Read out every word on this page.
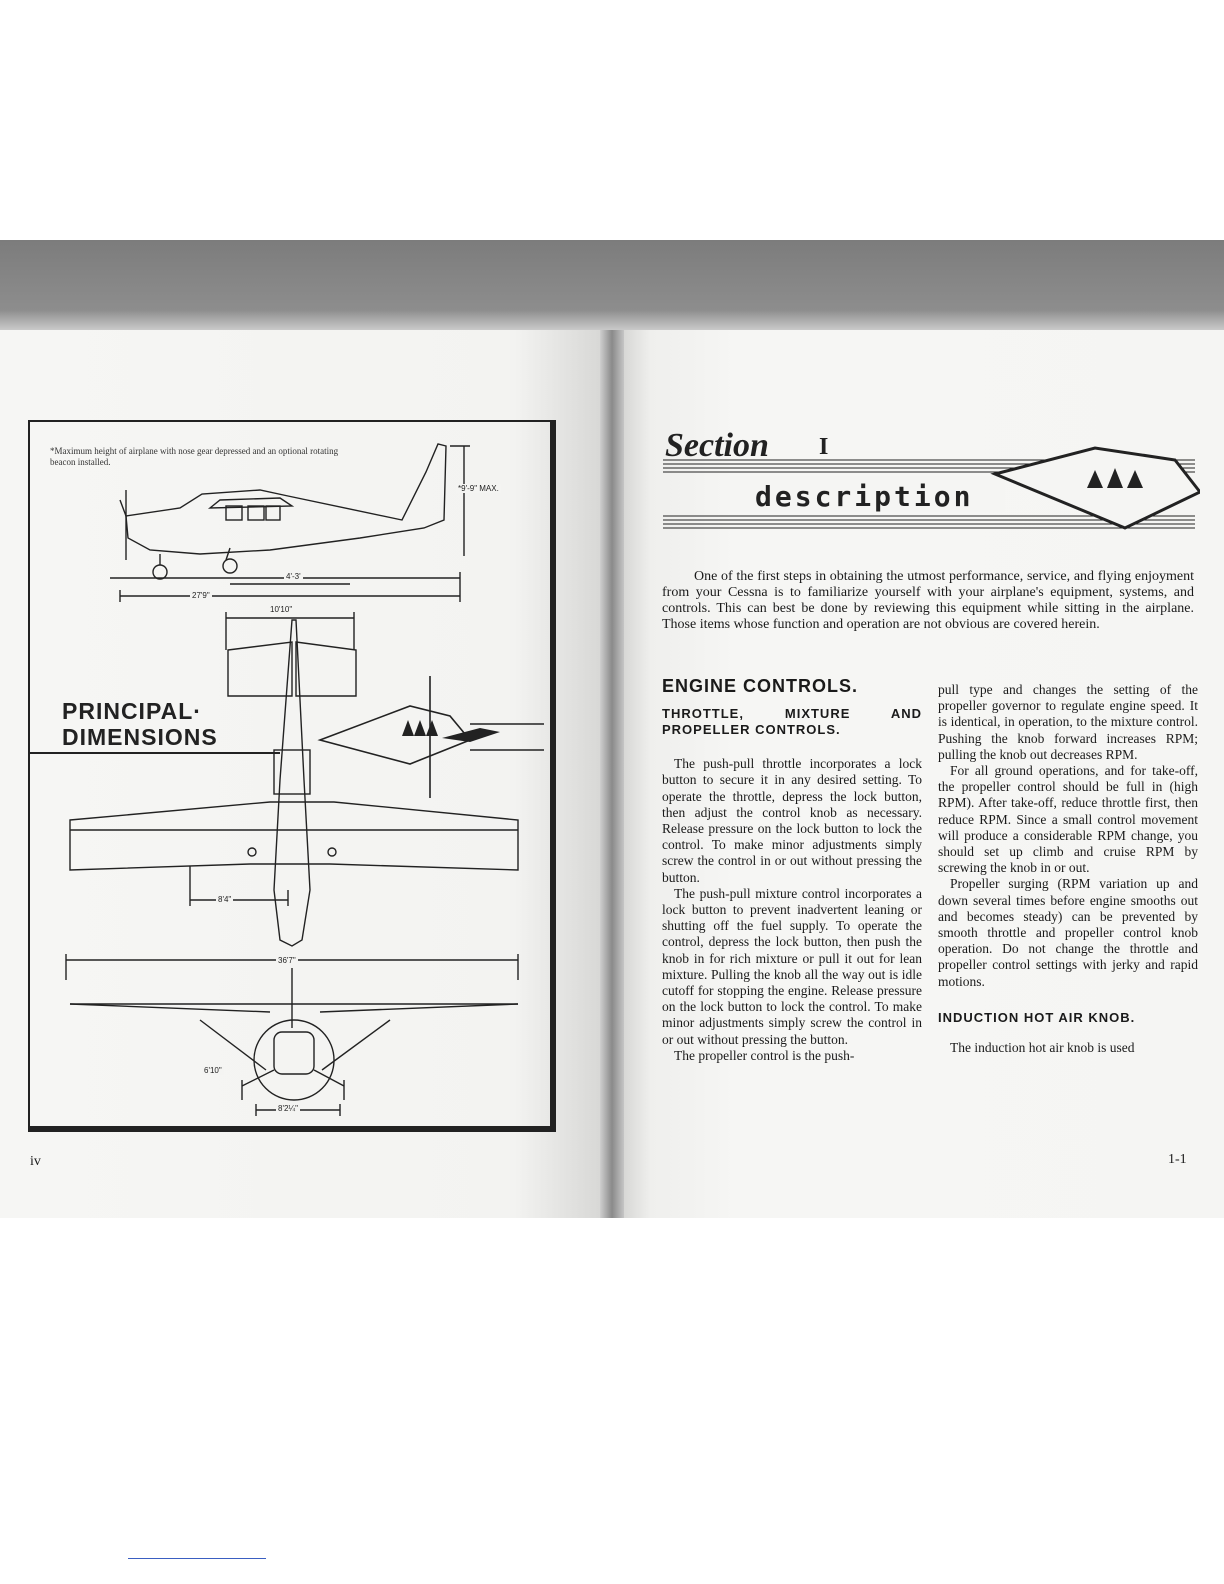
*Maximum height of airplane with nose gear depressed and an optional rotating beacon installed.
*9'-9" MAX.
4'-3'
27'9"
10'10"
8'4"
36'7"
6'10"
8'2¼"
PRINCIPAL·
DIMENSIONS
iv
Section I
description
One of the first steps in obtaining the utmost performance, service, and flying enjoyment from your Cessna is to familiarize yourself with your airplane's equipment, systems, and controls. This can best be done by reviewing this equipment while sitting in the airplane. Those items whose function and operation are not obvious are covered herein.
ENGINE CONTROLS.
THROTTLE, MIXTURE AND PROPELLER CONTROLS.

The push-pull throttle incorporates a lock button to secure it in any desired setting. To operate the throttle, depress the lock button, then adjust the control knob as necessary. Release pressure on the lock button to lock the control. To make minor adjustments simply screw the control in or out without pressing the button.

The push-pull mixture control incorporates a lock button to prevent inadvertent leaning or shutting off the fuel supply. To operate the control, depress the lock button, then push the knob in for rich mixture or pull it out for lean mixture. Pulling the knob all the way out is idle cutoff for stopping the engine. Release pressure on the lock button to lock the control. To make minor adjustments simply screw the control in or out without pressing the button.

The propeller control is the push-

pull type and changes the setting of the propeller governor to regulate engine speed. It is identical, in operation, to the mixture control. Pushing the knob forward increases RPM; pulling the knob out decreases RPM.

For all ground operations, and for take-off, the propeller control should be full in (high RPM). After take-off, reduce throttle first, then reduce RPM. Since a small control movement will produce a considerable RPM change, you should set up climb and cruise RPM by screwing the knob in or out.

Propeller surging (RPM variation up and down several times before engine smooths out and becomes steady) can be prevented by smooth throttle and propeller control knob operation. Do not change the throttle and propeller control settings with jerky and rapid motions.

INDUCTION HOT AIR KNOB.

The induction hot air knob is used

1-1
